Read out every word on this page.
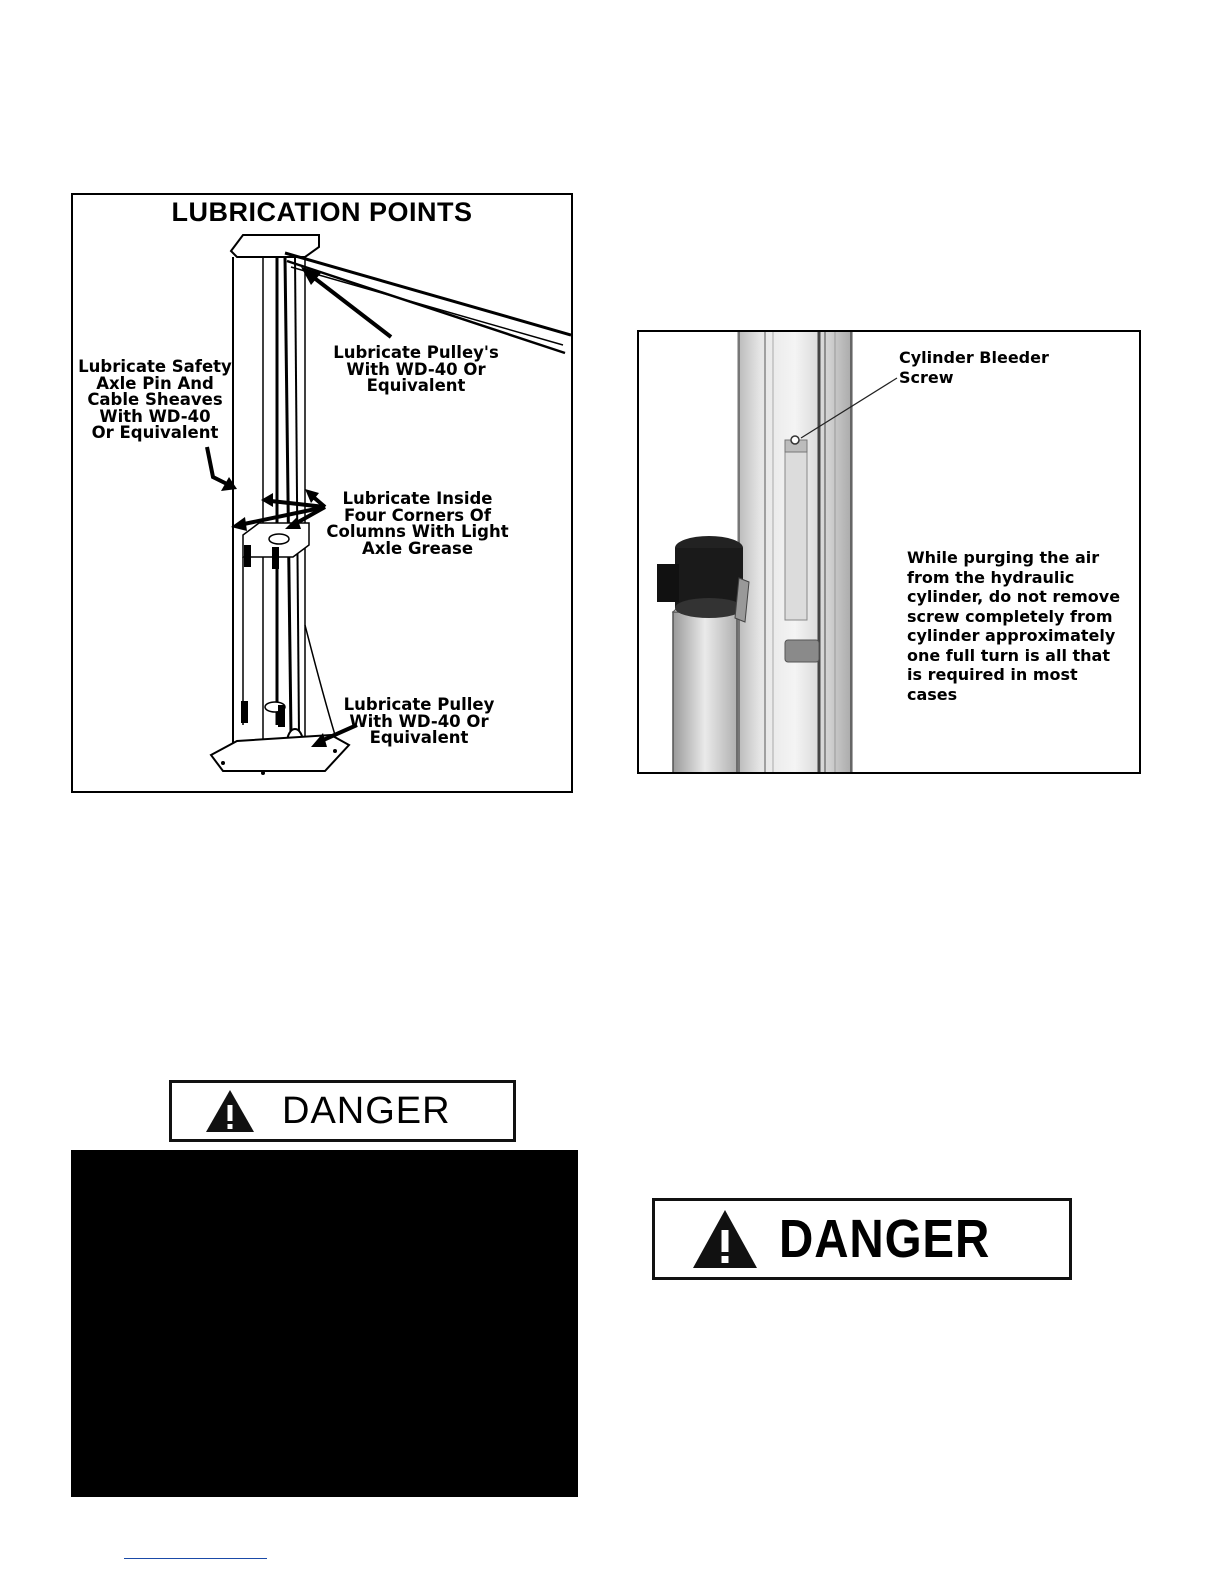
LUBRICATION POINTS
Lubricate Pulley's
With WD-40 Or
Equivalent
Lubricate Safety
Axle Pin And
Cable Sheaves
With WD-40
Or Equivalent
Lubricate Inside
Four Corners Of
Columns With Light
Axle Grease
Lubricate Pulley
With WD-40 Or
Equivalent
Cylinder Bleeder
Screw
While purging the air
from the hydraulic
cylinder, do not remove
screw completely from
cylinder approximately
one full turn is all that
is required in most
cases
DANGER
DANGER
